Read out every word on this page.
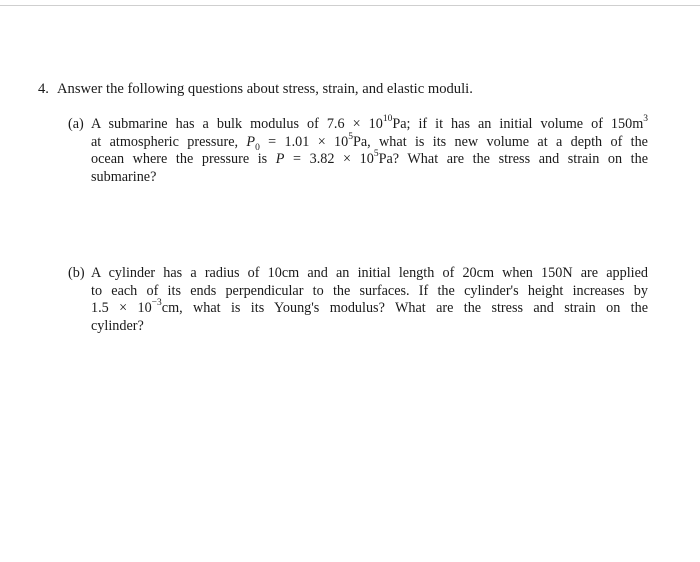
4. Answer the following questions about stress, strain, and elastic moduli.
(a) A submarine has a bulk modulus of $7.6 \times 10^{10}Pa$; if it has an initial volume of $150m^3$
at atmospheric pressure, $P_0 = 1.01 \times 10^5Pa$, what is its new volume at a depth of the
ocean where the pressure is $P = 3.82 \times 10^5Pa$? What are the stress and strain on the
submarine?
(b) A cylinder has a radius of 10cm and an initial length of 20cm when 150N are applied
to each of its ends perpendicular to the surfaces. If the cylinder's height increases by
$1.5 \times 10^{-3}cm$, what is its Young's modulus? What are the stress and strain on the
cylinder?
